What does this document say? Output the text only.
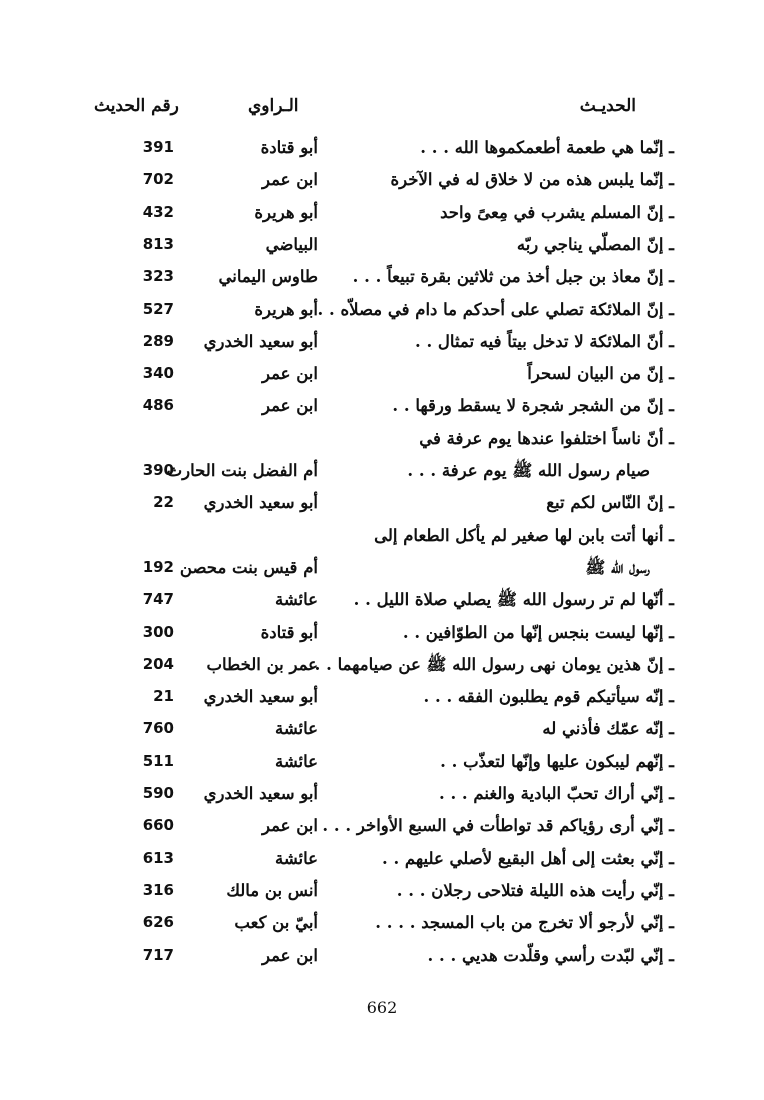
الحديـث
الـراوي
رقم الحديث
ـ إنّما هي طعمة أطعمكموها الله . . .
أبو قتادة
391
ـ إنّما يلبس هذه من لا خلاق له في الآخرة
ابن عمر
702
ـ إنّ المسلم يشرب في مِعىً واحد
أبو هريرة
432
ـ إنّ المصلّي يناجي ربّه
البياضي
813
ـ إنّ معاذ بن جبل أخذ من ثلاثين بقرة تبيعاً . . .
طاوس اليماني
323
ـ إنّ الملائكة تصلي على أحدكم ما دام في مصلاّه . .
أبو هريرة
527
ـ أنّ الملائكة لا تدخل بيتاً فيه تمثال . .
أبو سعيد الخدري
289
ـ إنّ من البيان لسحراً
ابن عمر
340
ـ إنّ من الشجر شجرة لا يسقط ورقها . .
ابن عمر
486
ـ أنّ ناساً اختلفوا عندها يوم عرفة في
صيام رسول الله ﷺ يوم عرفة . . .
أم الفضل بنت الحارث
390
ـ إنّ النّاس لكم تبع
أبو سعيد الخدري
22
ـ أنها أتت بابن لها صغير لم يأكل الطعام إلى
رسول الله ﷺ
أم قيس بنت محصن
192
ـ أنّها لم تر رسول الله ﷺ يصلي صلاة الليل . .
عائشة
747
ـ إنّها ليست بنجس إنّها من الطوّافين . .
أبو قتادة
300
ـ إنّ هذين يومان نهى رسول الله ﷺ عن صيامهما . . .
عمر بن الخطاب
204
ـ إنّه سيأتيكم قوم يطلبون الفقه . . .
أبو سعيد الخدري
21
ـ إنّه عمّك فأذني له
عائشة
760
ـ إنّهم ليبكون عليها وإنّها لتعذّب . .
عائشة
511
ـ إنّي أراك تحبّ البادية والغنم . . .
أبو سعيد الخدري
590
ـ إنّي أرى رؤياكم قد تواطأت في السبع الأواخر . . .
ابن عمر
660
ـ إنّي بعثت إلى أهل البقيع لأصلي عليهم . .
عائشة
613
ـ إنّي رأيت هذه الليلة فتلاحى رجلان . . .
أنس بن مالك
316
ـ إنّي لأرجو ألا تخرج من باب المسجد . . . .
أبيّ بن كعب
626
ـ إنّي لبّدت رأسي وقلّدت هديي . . .
ابن عمر
717
662
